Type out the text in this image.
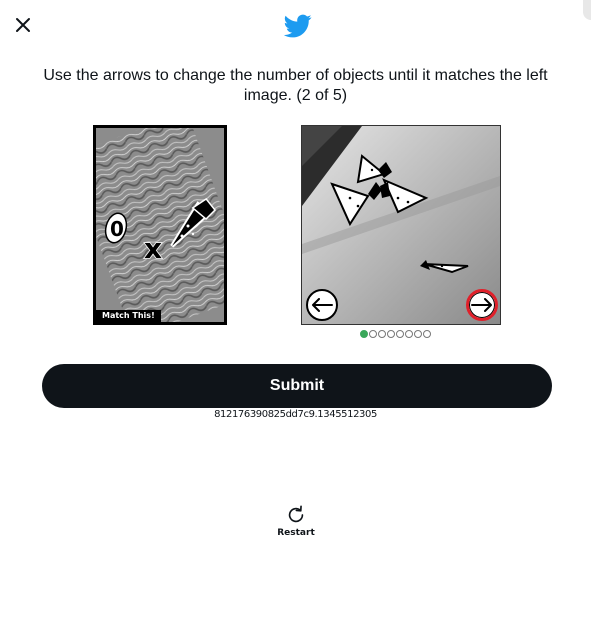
Use the arrows to change the number of objects until it matches the left image. (2 of 5)
0
x
Match This!
Submit
812176390825dd7c9.1345512305
Restart
